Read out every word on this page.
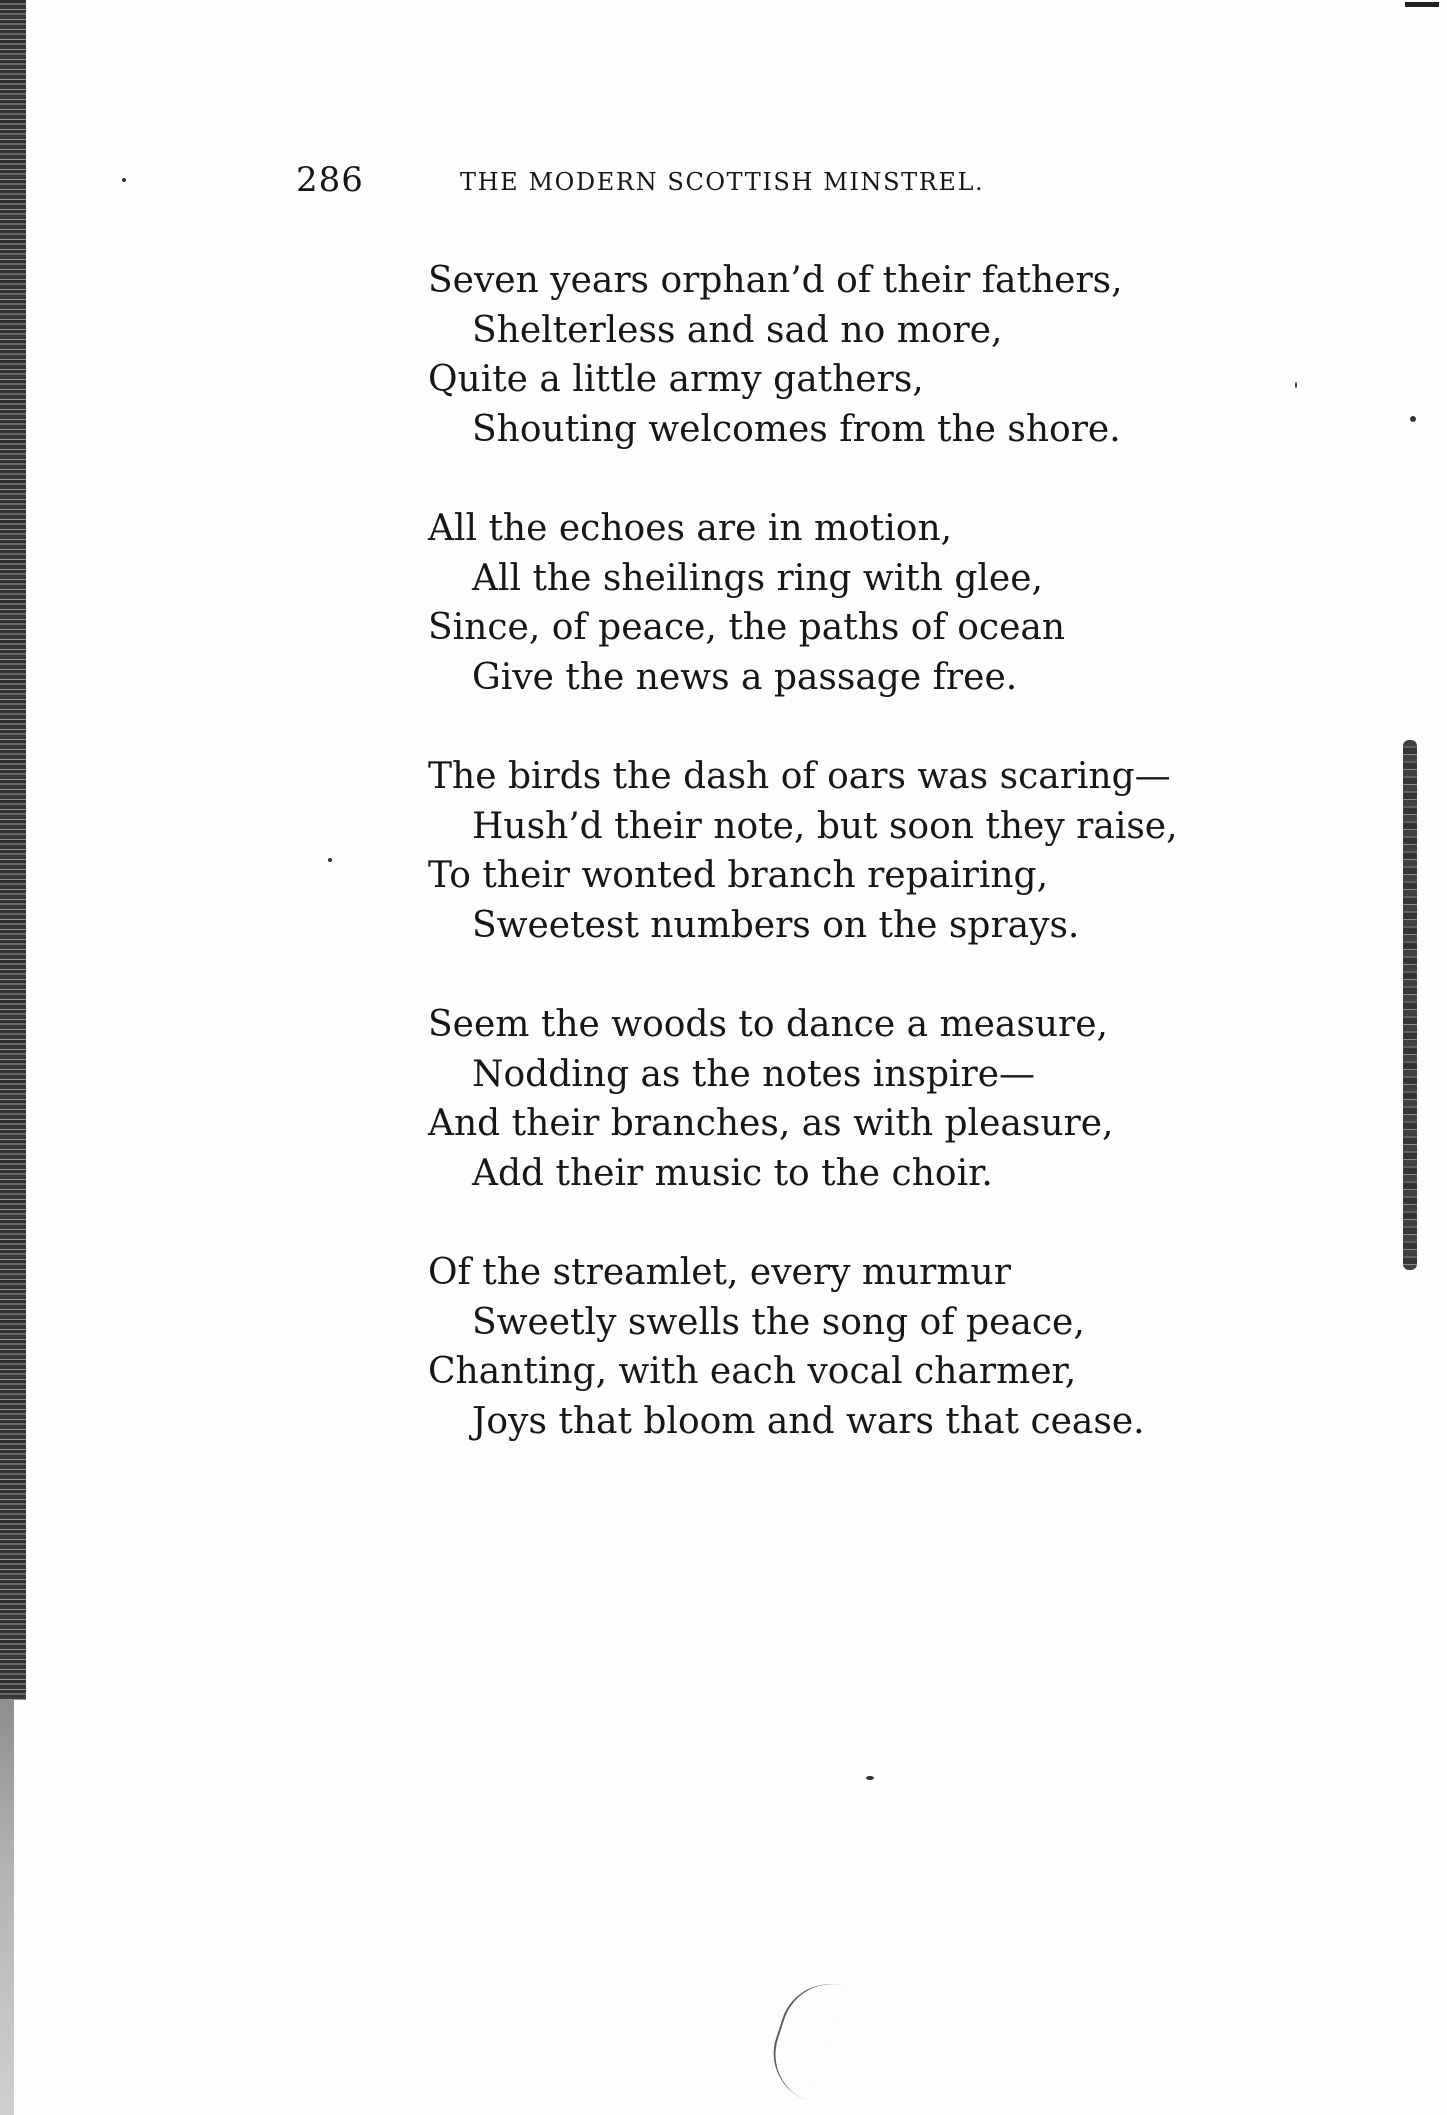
286	THE MODERN SCOTTISH MINSTREL.
Seven years orphan’d of their fathers,
Shelterless and sad no more,
Quite a little army gathers,
Shouting welcomes from the shore.
All the echoes are in motion,
All the sheilings ring with glee,
Since, of peace, the paths of ocean
Give the news a passage free.
The birds the dash of oars was scaring—
Hush’d their note, but soon they raise,
To their wonted branch repairing,
Sweetest numbers on the sprays.
Seem the woods to dance a measure,
Nodding as the notes inspire—
And their branches, as with pleasure,
Add their music to the choir.
Of the streamlet, every murmur
Sweetly swells the song of peace,
Chanting, with each vocal charmer,
Joys that bloom and wars that cease.
